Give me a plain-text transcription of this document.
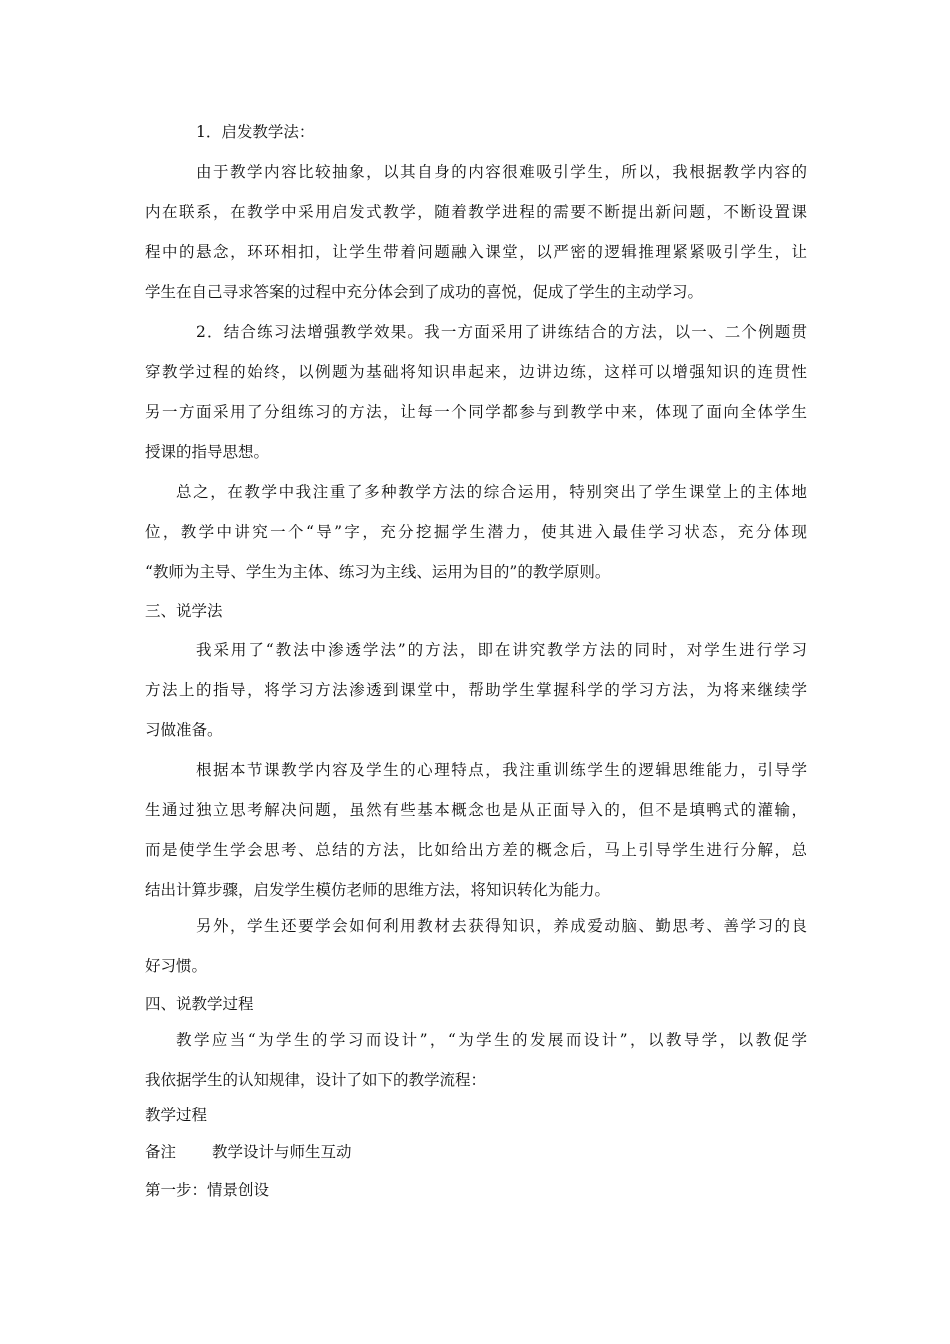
1．启发教学法：
由于教学内容比较抽象，以其自身的内容很难吸引学生，所以，我根据教学内容的
内在联系，在教学中采用启发式教学，随着教学进程的需要不断提出新问题，不断设置课
程中的悬念，环环相扣，让学生带着问题融入课堂，以严密的逻辑推理紧紧吸引学生，让
学生在自己寻求答案的过程中充分体会到了成功的喜悦，促成了学生的主动学习。
2．结合练习法增强教学效果。我一方面采用了讲练结合的方法，以一、二个例题贯
穿教学过程的始终，以例题为基础将知识串起来，边讲边练，这样可以增强知识的连贯性
另一方面采用了分组练习的方法，让每一个同学都参与到教学中来，体现了面向全体学生
授课的指导思想。
总之，在教学中我注重了多种教学方法的综合运用，特别突出了学生课堂上的主体地
位，教学中讲究一个“导”字，充分挖掘学生潜力，使其进入最佳学习状态，充分体现
“教师为主导、学生为主体、练习为主线、运用为目的”的教学原则。
三、说学法
我采用了“教法中渗透学法”的方法，即在讲究教学方法的同时，对学生进行学习
方法上的指导，将学习方法渗透到课堂中，帮助学生掌握科学的学习方法，为将来继续学
习做准备。
根据本节课教学内容及学生的心理特点，我注重训练学生的逻辑思维能力，引导学
生通过独立思考解决问题，虽然有些基本概念也是从正面导入的，但不是填鸭式的灌输，
而是使学生学会思考、总结的方法，比如给出方差的概念后，马上引导学生进行分解，总
结出计算步骤，启发学生模仿老师的思维方法，将知识转化为能力。
另外，学生还要学会如何利用教材去获得知识，养成爱动脑、勤思考、善学习的良
好习惯。
四、说教学过程
教学应当“为学生的学习而设计”，“为学生的发展而设计”，以教导学，以教促学
我依据学生的认知规律，设计了如下的教学流程：
教学过程
备注 教学设计与师生互动
第一步：情景创设
